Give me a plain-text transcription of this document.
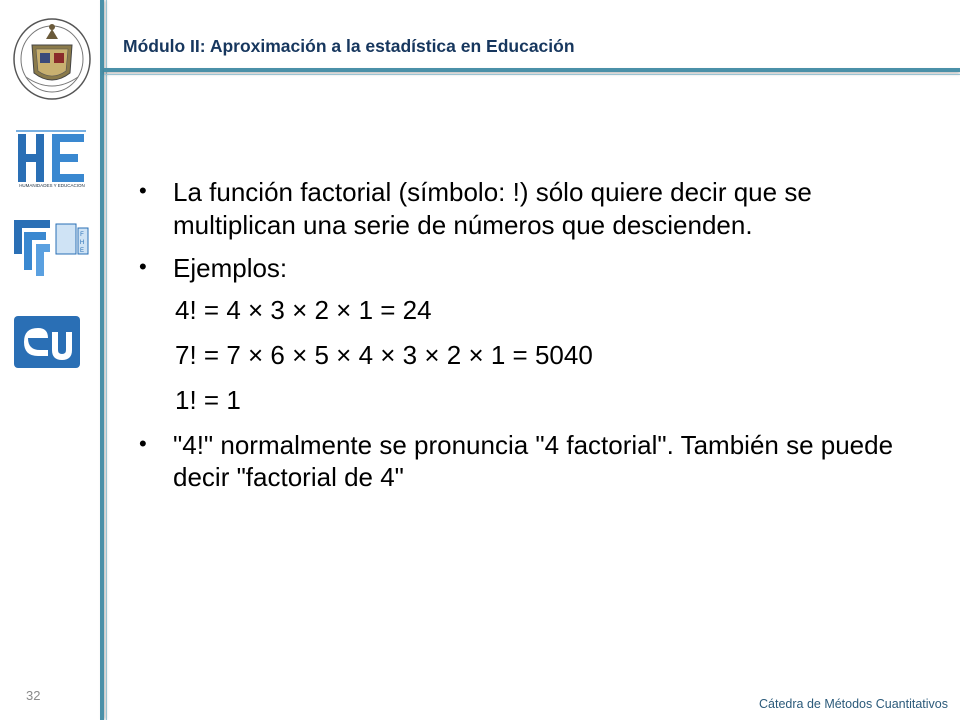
Módulo II: Aproximación a la estadística en Educación
HUMANIDADES Y EDUCACION
F
H
E
• La función factorial (símbolo: !) sólo quiere decir que se multiplican una serie de números que descienden.
• Ejemplos:
4! = 4 × 3 × 2 × 1 = 24
7! = 7 × 6 × 5 × 4 × 3 × 2 × 1 = 5040
1! = 1
• "4!" normalmente se pronuncia "4 factorial". También se puede decir "factorial de 4"
32
Cátedra de Métodos Cuantitativos
